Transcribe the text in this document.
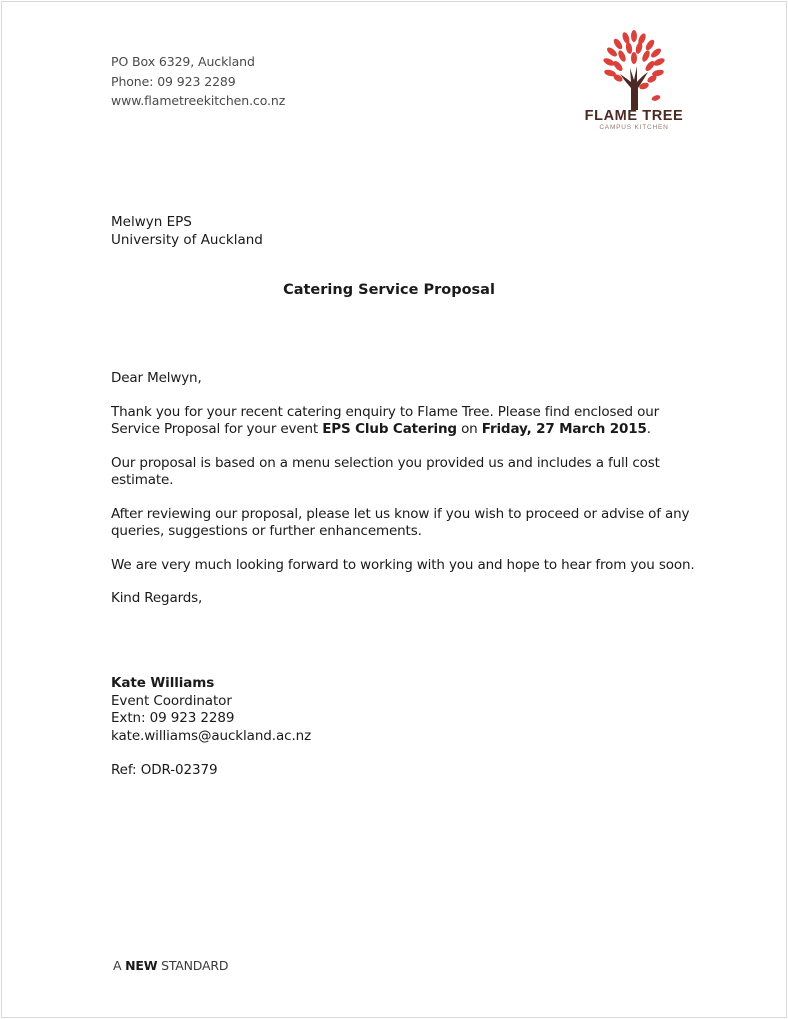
PO Box 6329, Auckland
Phone: 09 923 2289
www.flametreekitchen.co.nz
FLAME TREE
CAMPUS KITCHEN
Melwyn EPS
University of Auckland
Catering Service Proposal

Dear Melwyn,

Thank you for your recent catering enquiry to Flame Tree. Please find enclosed our Service Proposal for your event EPS Club Catering on Friday, 27 March 2015.

Our proposal is based on a menu selection you provided us and includes a full cost estimate.

After reviewing our proposal, please let us know if you wish to proceed or advise of any queries, suggestions or further enhancements.

We are very much looking forward to working with you and hope to hear from you soon.

Kind Regards,

Kate Williams
Event Coordinator
Extn: 09 923 2289
kate.williams@auckland.ac.nz
Ref: ODR-02379
A NEW STANDARD
